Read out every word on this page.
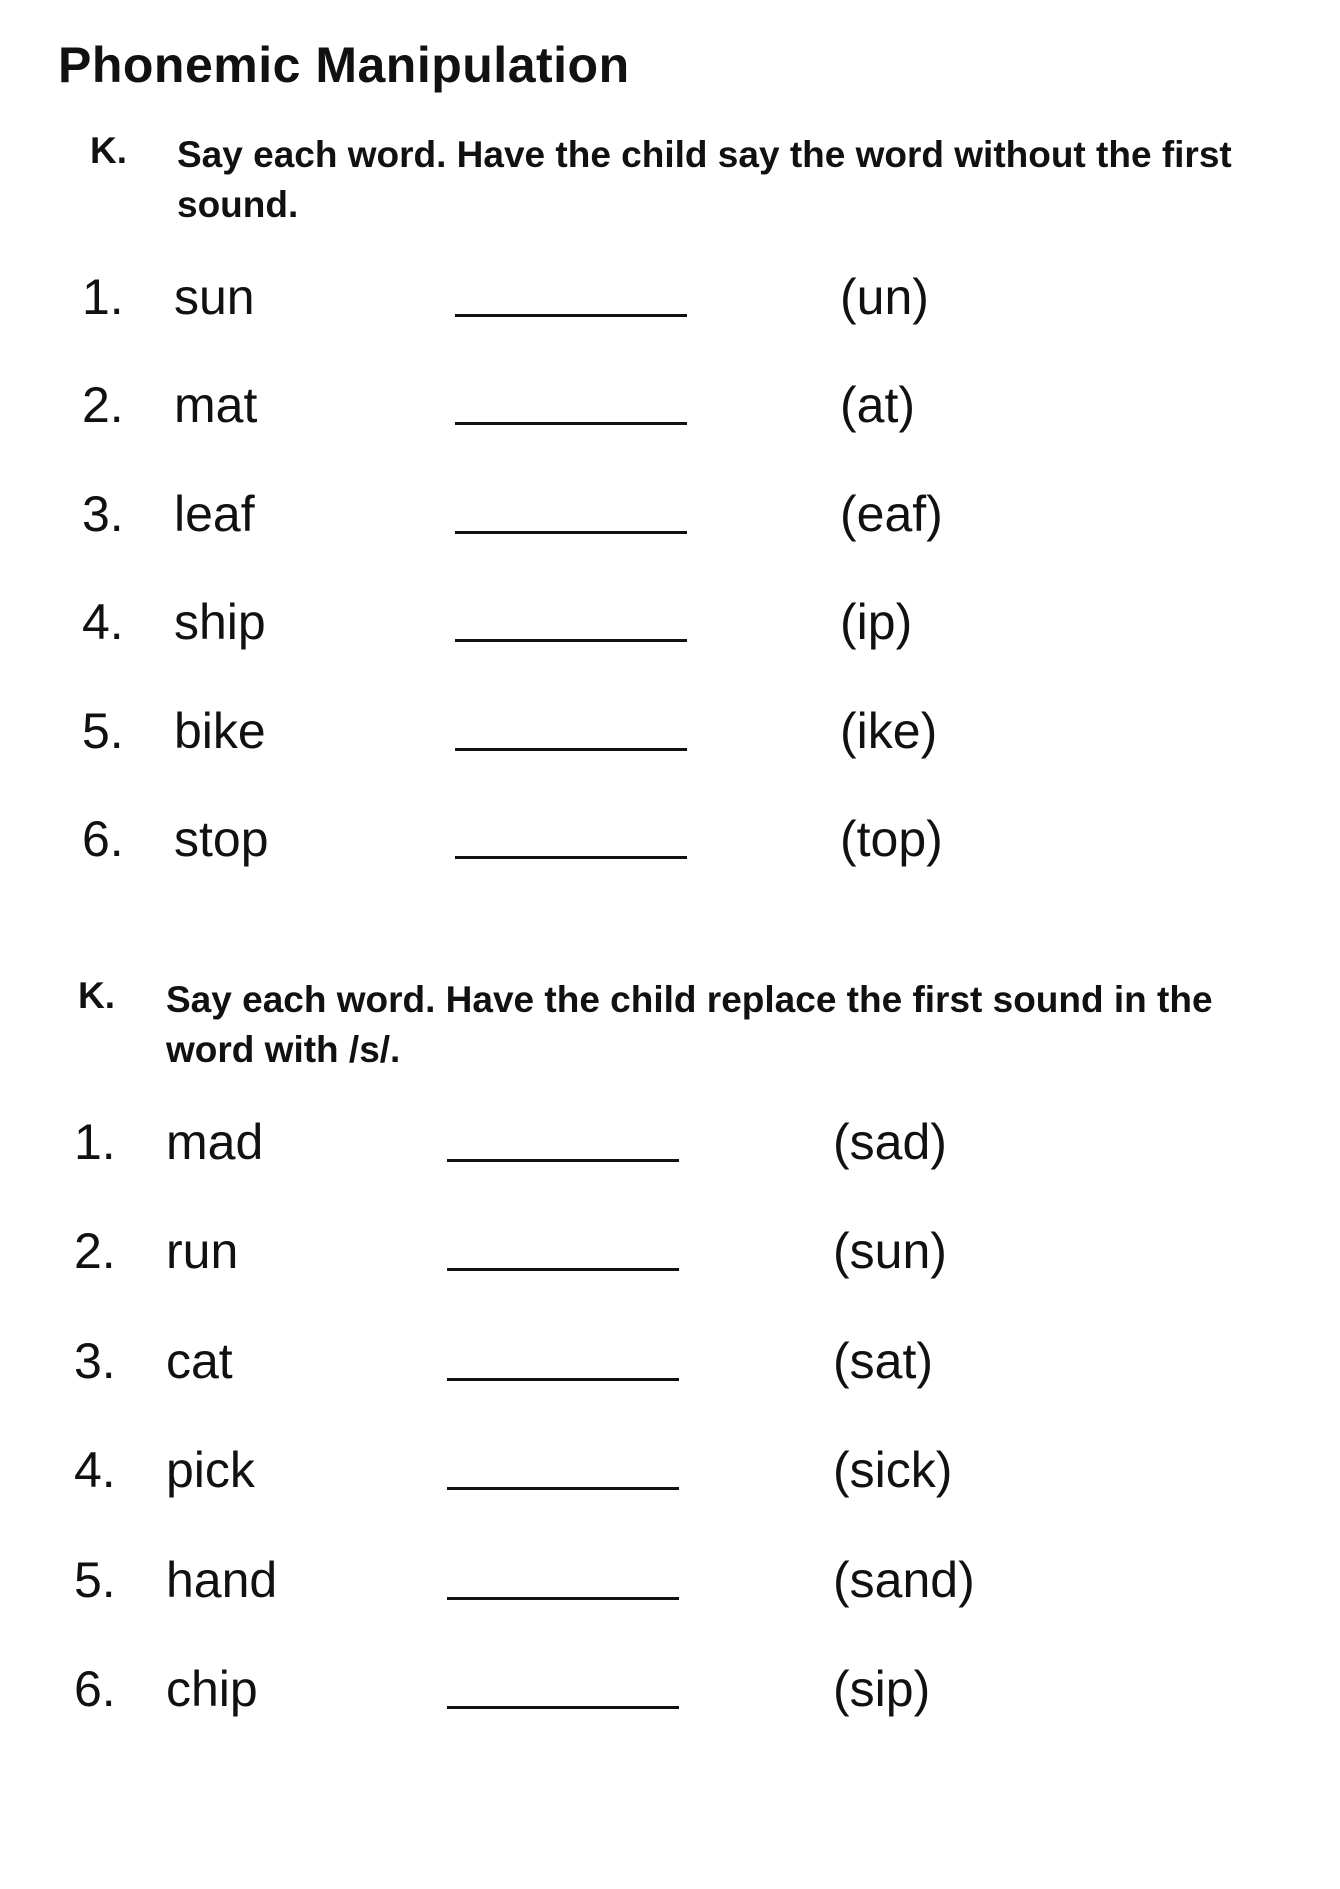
Phonemic Manipulation
K. Say each word. Have the child say the word without the first sound.
1. sun	(un)
2. mat	(at)
3. leaf	(eaf)
4. ship	(ip)
5. bike	(ike)
6. stop	(top)
K. Say each word. Have the child replace the first sound in the word with /s/.
1. mad	(sad)
2. run	(sun)
3. cat	(sat)
4. pick	(sick)
5. hand	(sand)
6. chip	(sip)
